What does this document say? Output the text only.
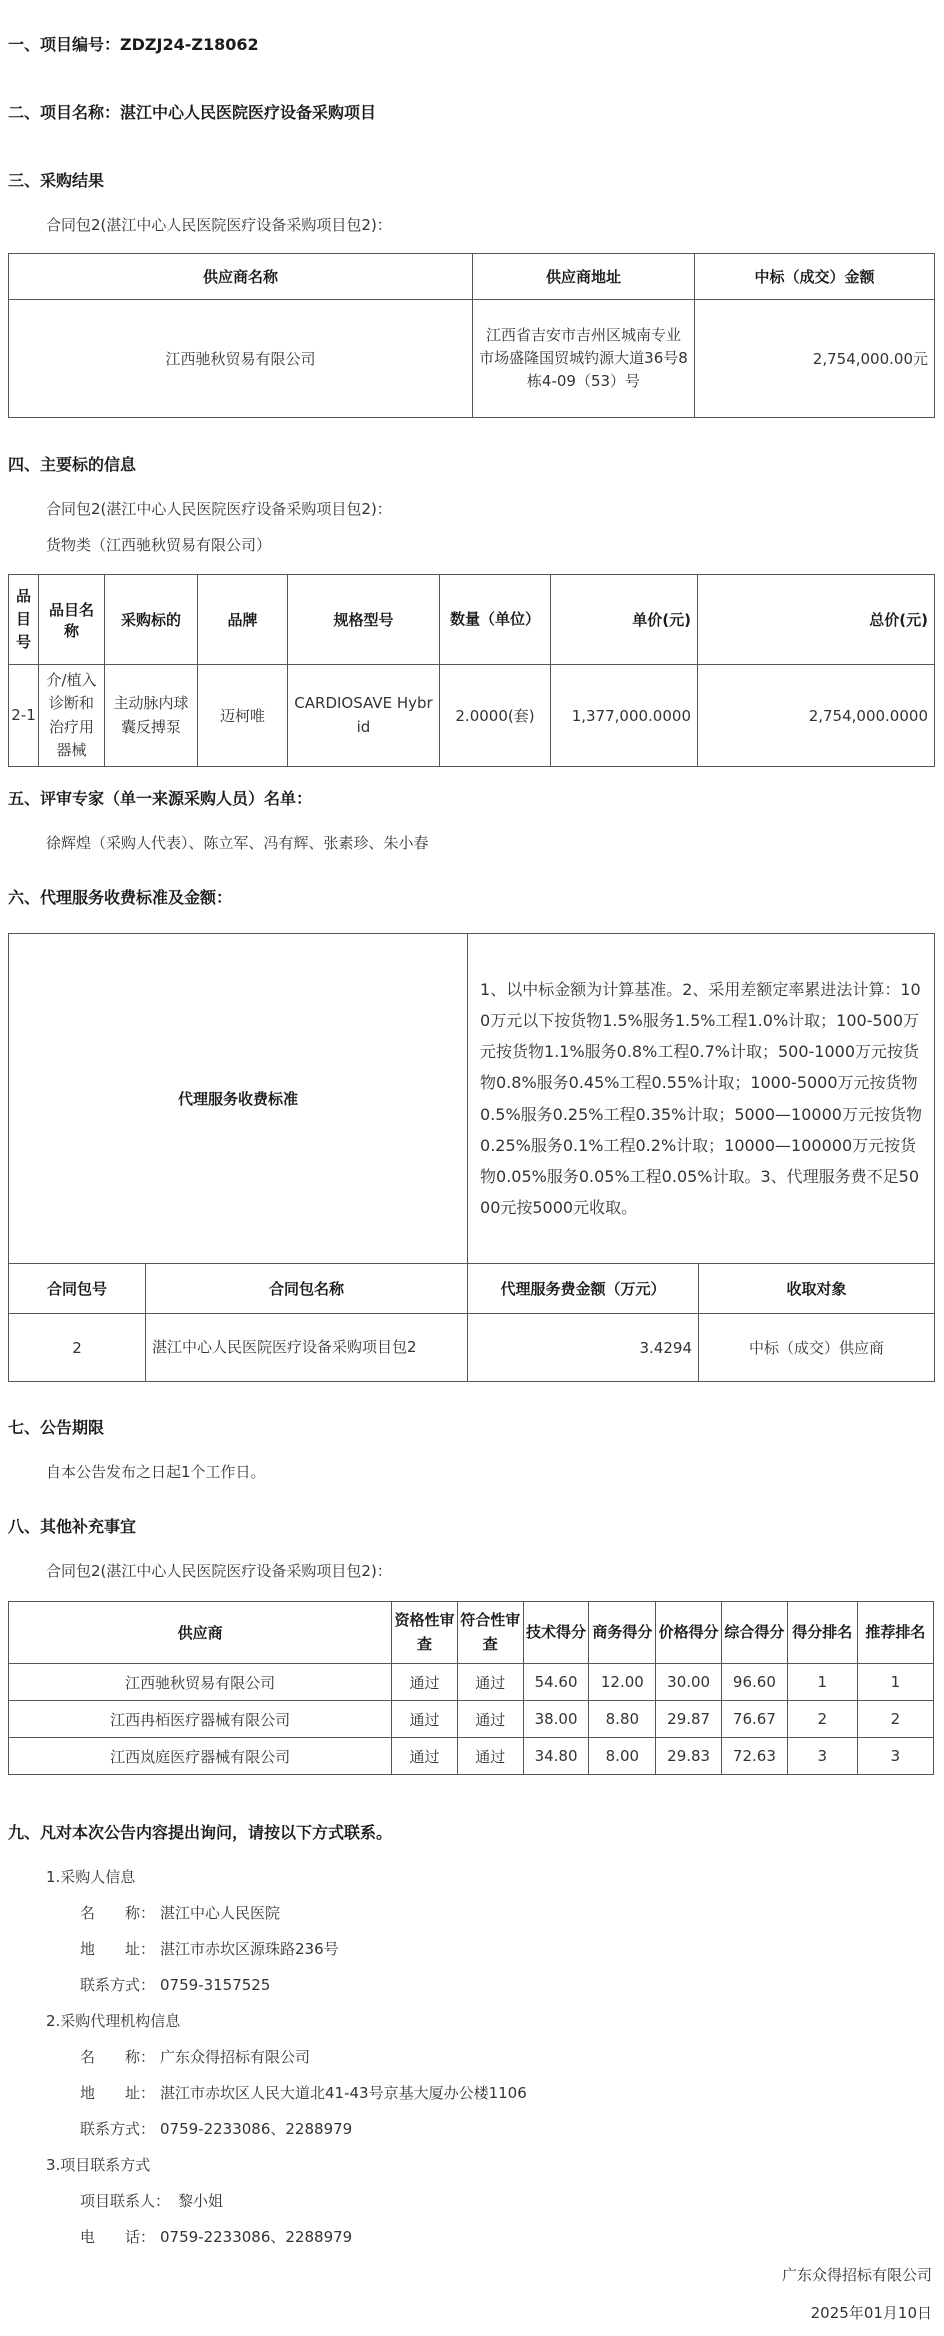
一、项目编号：ZDZJ24-Z18062
二、项目名称：湛江中心人民医院医疗设备采购项目
三、采购结果
合同包2(湛江中心人民医院医疗设备采购项目包2)：
供应商名称	供应商地址	中标（成交）金额
江西驰秋贸易有限公司	江西省吉安市吉州区城南专业市场盛隆国贸城钓源大道36号8栋4-09（53）号	2,754,000.00元
四、主要标的信息
合同包2(湛江中心人民医院医疗设备采购项目包2)：
货物类（江西驰秋贸易有限公司）
品目号	品目名称	采购标的	品牌	规格型号	数量（单位）	单价(元)	总价(元)
2-1	介/植入诊断和治疗用器械	主动脉内球囊反搏泵	迈柯唯	CARDIOSAVE Hybrid	2.0000(套)	1,377,000.0000	2,754,000.0000
五、评审专家（单一来源采购人员）名单：
徐辉煌（采购人代表）、陈立军、冯有辉、张素珍、朱小春
六、代理服务收费标准及金额：
代理服务收费标准		1、以中标金额为计算基准。2、采用差额定率累进法计算：100万元以下按货物1.5%服务1.5%工程1.0%计取；100-500万元按货物1.1%服务0.8%工程0.7%计取；500-1000万元按货物0.8%服务0.45%工程0.55%计取；1000-5000万元按货物0.5%服务0.25%工程0.35%计取；5000—10000万元按货物0.25%服务0.1%工程0.2%计取；10000—100000万元按货物0.05%服务0.05%工程0.05%计取。3、代理服务费不足5000元按5000元收取。	
合同包号	合同包名称	代理服务费金额（万元）	收取对象
2	湛江中心人民医院医疗设备采购项目包2	3.4294	中标（成交）供应商
七、公告期限
自本公告发布之日起1个工作日。
八、其他补充事宜
合同包2(湛江中心人民医院医疗设备采购项目包2)：
供应商	资格性审查	符合性审查	技术得分	商务得分	价格得分	综合得分	得分排名	推荐排名
江西驰秋贸易有限公司	通过	通过	54.60	12.00	30.00	96.60	1	1
江西冉栢医疗器械有限公司	通过	通过	38.00	8.80	29.87	76.67	2	2
江西岚庭医疗器械有限公司	通过	通过	34.80	8.00	29.83	72.63	3	3
九、凡对本次公告内容提出询问，请按以下方式联系。
1.采购人信息
名　　称： 湛江中心人民医院
地　　址： 湛江市赤坎区源珠路236号
联系方式： 0759-3157525
2.采购代理机构信息
名　　称： 广东众得招标有限公司
地　　址： 湛江市赤坎区人民大道北41-43号京基大厦办公楼1106
联系方式： 0759-2233086、2288979
3.项目联系方式
项目联系人： 黎小姐
电　　话： 0759-2233086、2288979
广东众得招标有限公司
2025年01月10日
